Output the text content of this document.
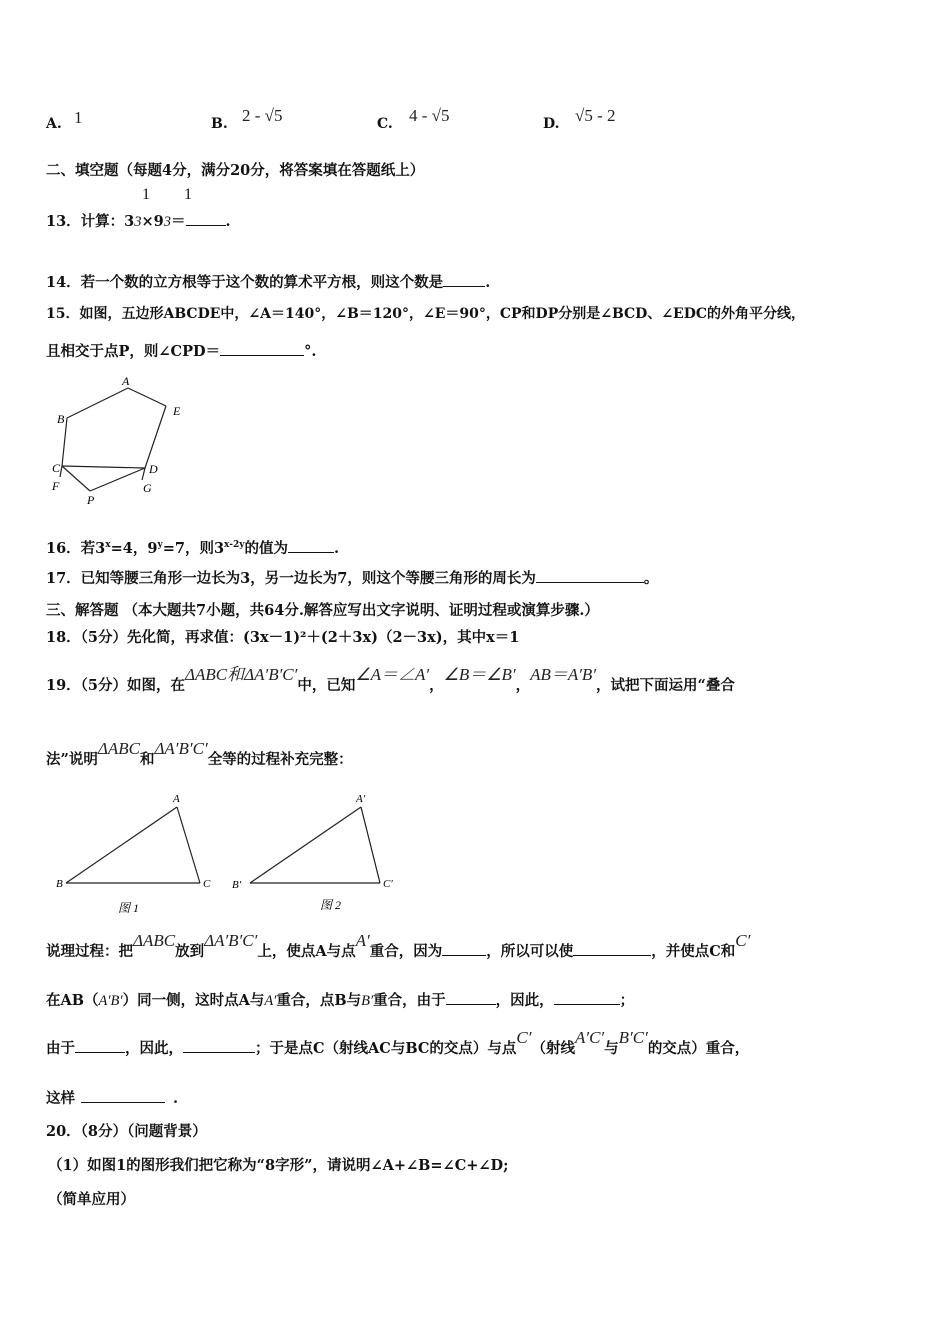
A. 1	B. 2 - √5	C. 4 - √5	D. √5 - 2
二、填空题（每题4分，满分20分，将答案填在答题纸上）
1 1
13．计算：33×93＝	.
14．若一个数的立方根等于这个数的算术平方根，则这个数是	.
15．如图，五边形ABCDE中，∠A＝140°，∠B＝120°，∠E＝90°，CP和DP分别是∠BCD、∠EDC的外角平分线，
且相交于点P，则∠CPD＝	°.
A
B
E
C	D
F	G
P
16．若$3^x=4$，$9^y=7$，则$3^{x-2y}$的值为	.
17．已知等腰三角形一边长为3，另一边长为7，则这个等腰三角形的周长为	。
三、解答题 （本大题共7小题，共64分.解答应写出文字说明、证明过程或演算步骤.）
18．（5分）先化简，再求值：(3x－1)²＋(2＋3x)（2－3x)，其中x＝1
19．（5分）如图，在ΔABC和ΔA′B′C′中，已知∠A＝∠A′，∠B＝∠B′，AB＝A′B′，试把下面运用“叠合
法”说明ΔABC和ΔA′B′C′全等的过程补充完整：
A
B	C
A′
B′	C′
图 1	图 2
说理过程：把ΔABC放到ΔA′B′C′上，使点A与点A′重合，因为	，所以可以使	，并使点C和C′
在AB（A′B′）同一侧，这时点A与A′重合，点B与B′重合，由于	，因此，	；
由于	，因此，	；于是点C（射线AC与BC的交点）与点C′（射线A′C′与B′C′的交点）重合，
这样	.
20．（8分）（问题背景）
（1）如图1的图形我们把它称为“8字形”，请说明∠A+∠B=∠C+∠D;
（简单应用）
